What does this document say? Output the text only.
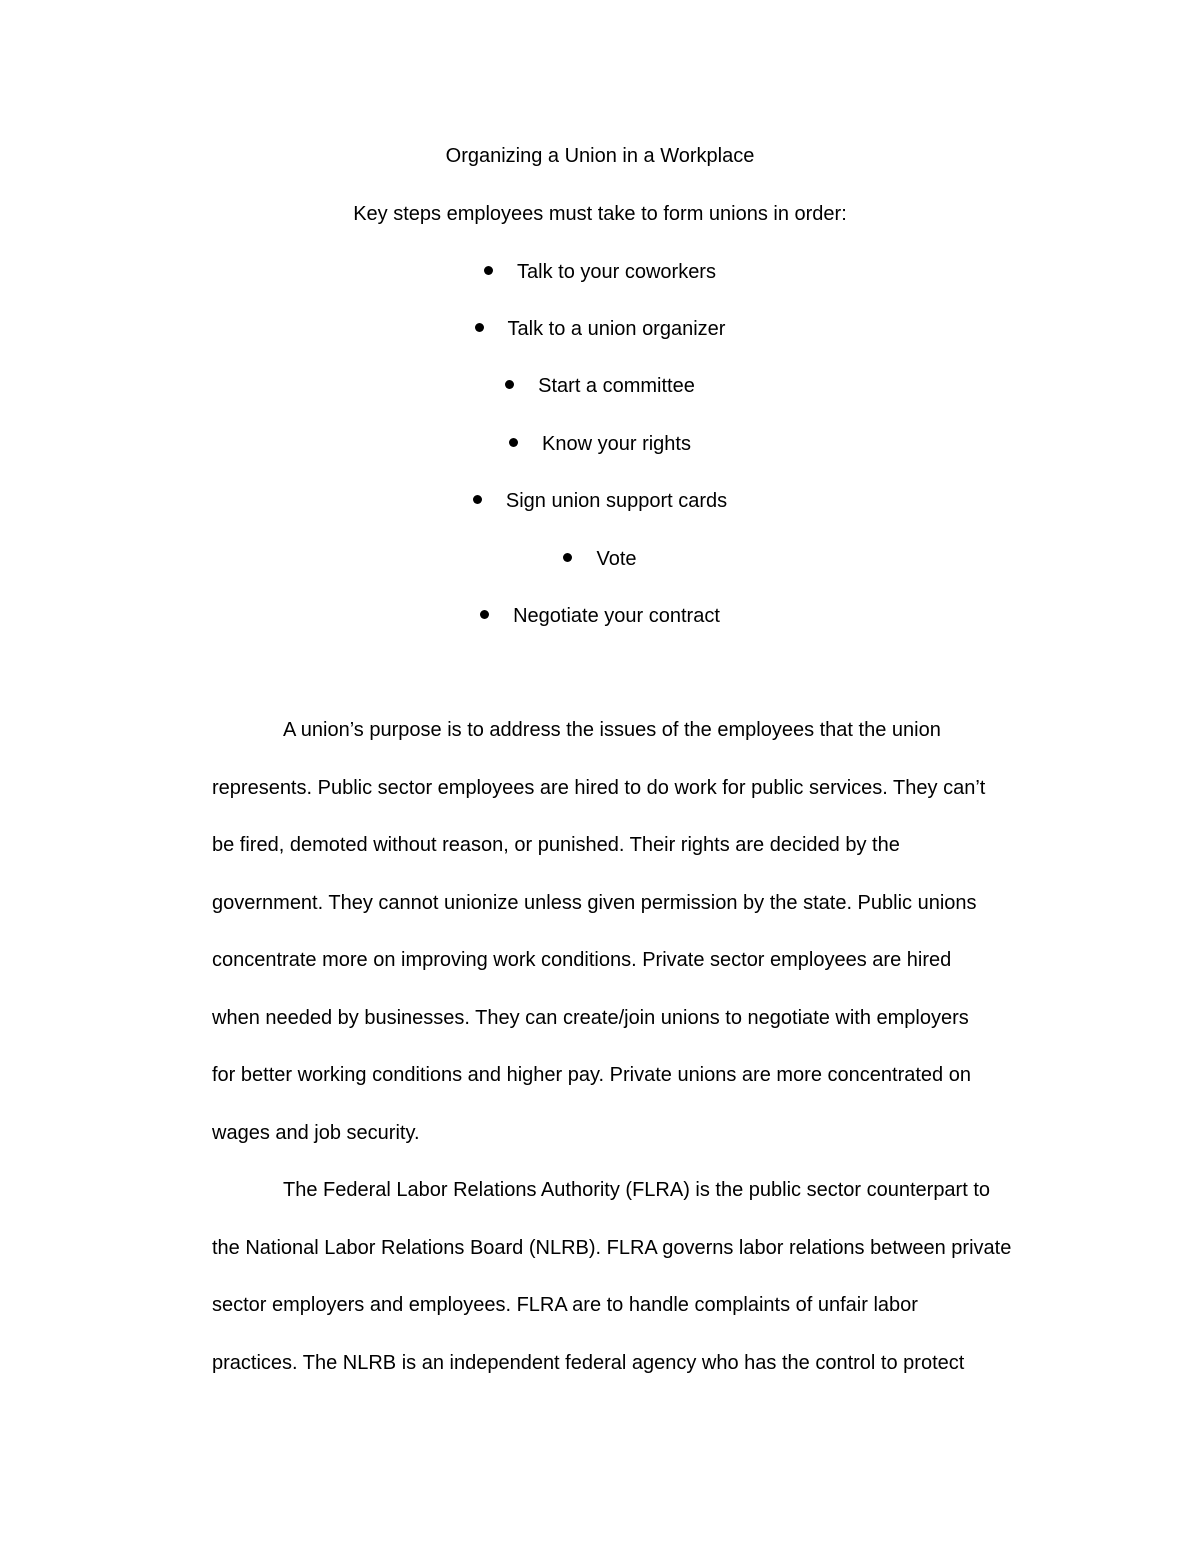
Organizing a Union in a Workplace
Key steps employees must take to form unions in order:
Talk to your coworkers
Talk to a union organizer
Start a committee
Know your rights
Sign union support cards
Vote
Negotiate your contract
A union’s purpose is to address the issues of the employees that the union
represents. Public sector employees are hired to do work for public services. They can’t
be fired, demoted without reason, or punished. Their rights are decided by the
government. They cannot unionize unless given permission by the state. Public unions
concentrate more on improving work conditions. Private sector employees are hired
when needed by businesses. They can create/join unions to negotiate with employers
for better working conditions and higher pay. Private unions are more concentrated on
wages and job security.
The Federal Labor Relations Authority (FLRA) is the public sector counterpart to
the National Labor Relations Board (NLRB). FLRA governs labor relations between private
sector employers and employees. FLRA are to handle complaints of unfair labor
practices. The NLRB is an independent federal agency who has the control to protect
